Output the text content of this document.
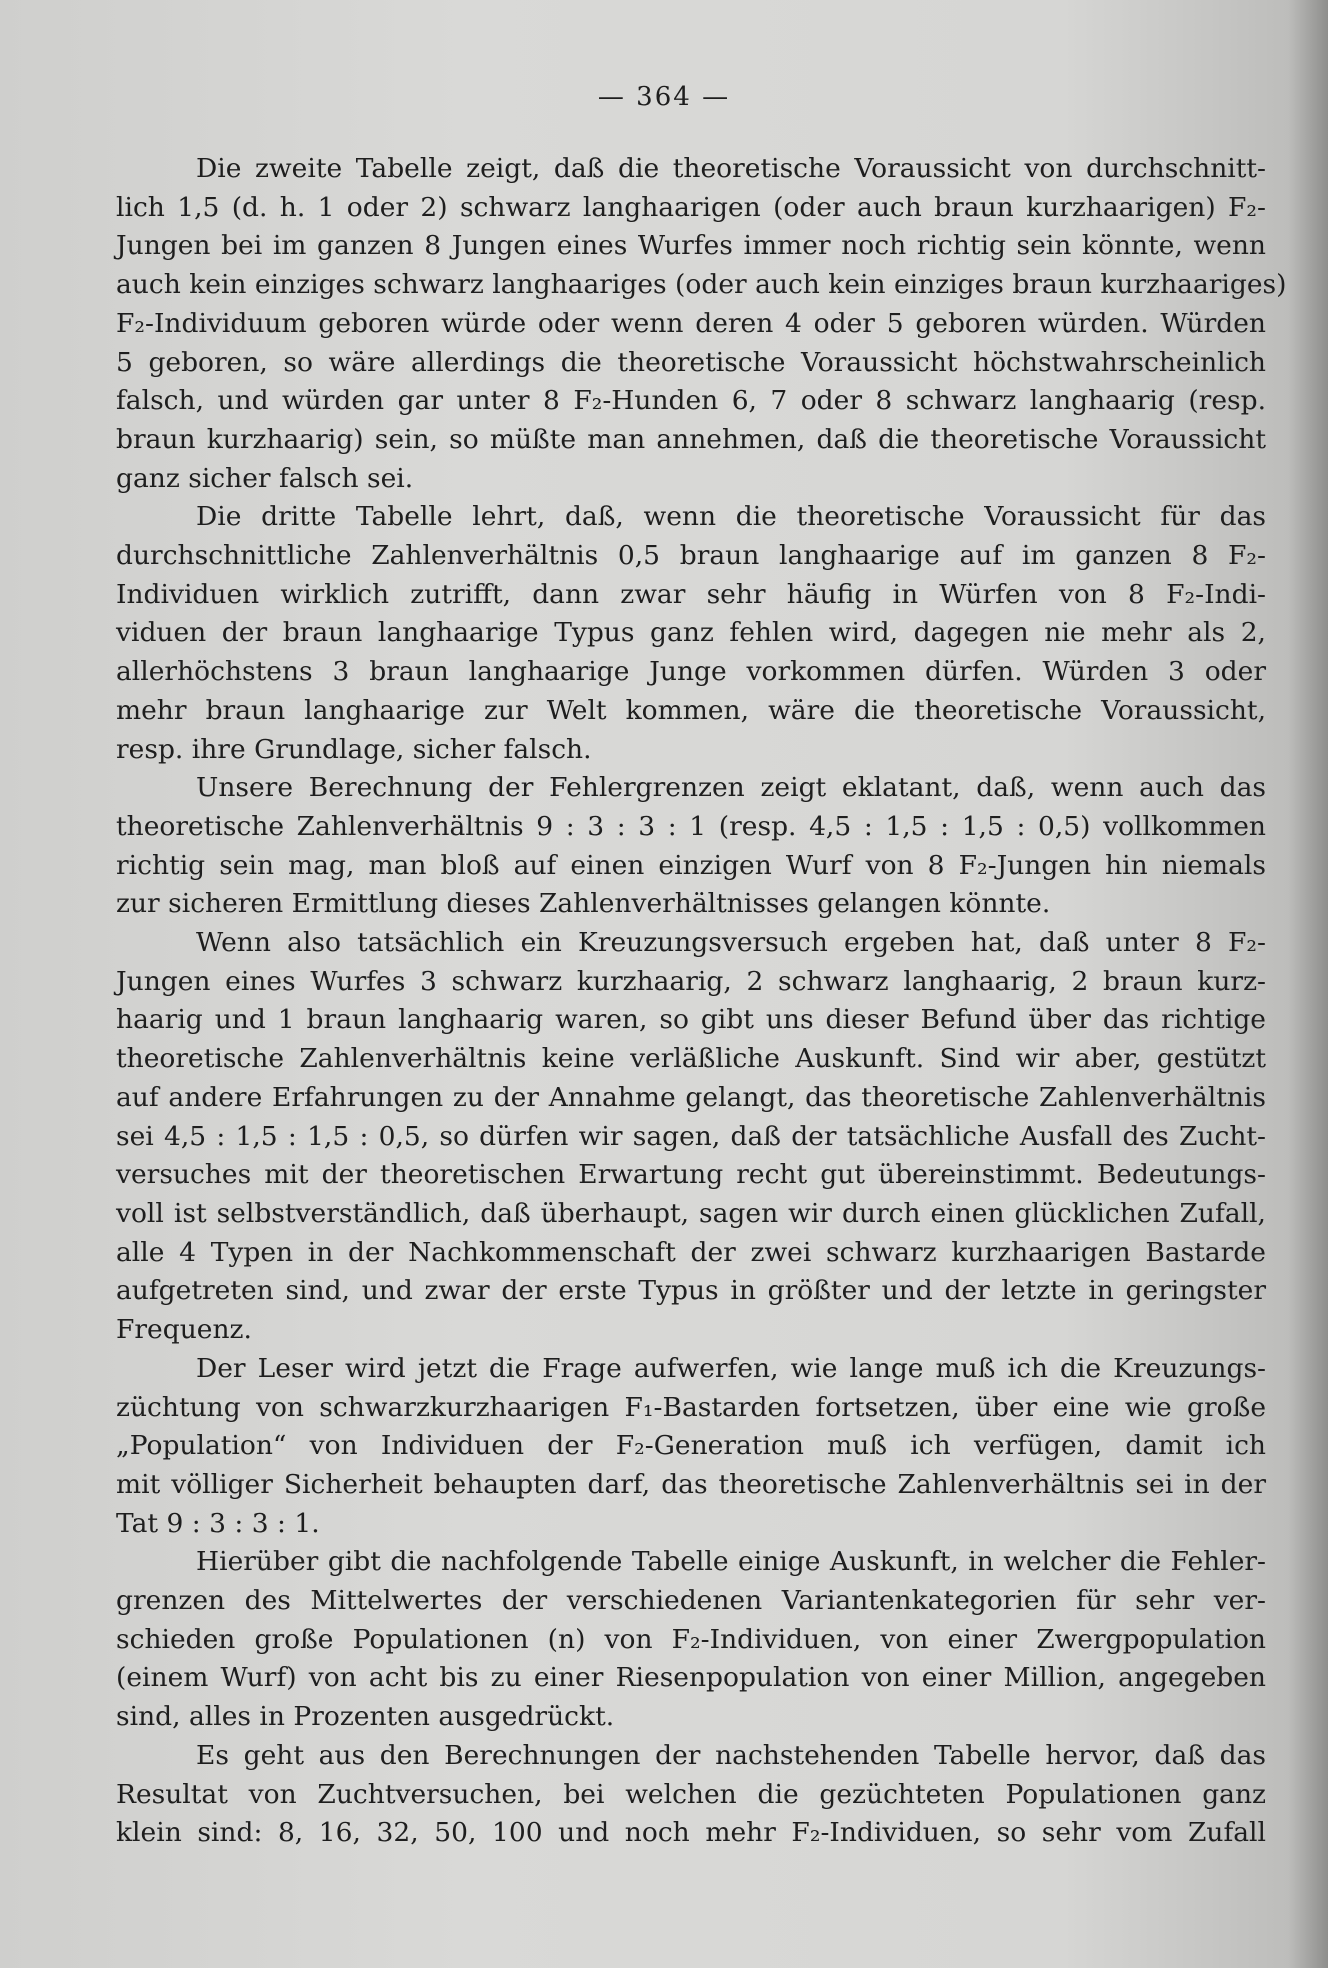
— 364 —
Die zweite Tabelle zeigt, daß die theoretische Voraussicht von durchschnitt-
lich 1,5 (d. h. 1 oder 2) schwarz langhaarigen (oder auch braun kurzhaarigen) F₂-
Jungen bei im ganzen 8 Jungen eines Wurfes immer noch richtig sein könnte, wenn
auch kein einziges schwarz langhaariges (oder auch kein einziges braun kurzhaariges)
F₂-Individuum geboren würde oder wenn deren 4 oder 5 geboren würden. Würden
5 geboren, so wäre allerdings die theoretische Voraussicht höchstwahrscheinlich
falsch, und würden gar unter 8 F₂-Hunden 6, 7 oder 8 schwarz langhaarig (resp.
braun kurzhaarig) sein, so müßte man annehmen, daß die theoretische Voraussicht
ganz sicher falsch sei.
Die dritte Tabelle lehrt, daß, wenn die theoretische Voraussicht für das
durchschnittliche Zahlenverhältnis 0,5 braun langhaarige auf im ganzen 8 F₂-
Individuen wirklich zutrifft, dann zwar sehr häufig in Würfen von 8 F₂-Indi-
viduen der braun langhaarige Typus ganz fehlen wird, dagegen nie mehr als 2,
allerhöchstens 3 braun langhaarige Junge vorkommen dürfen. Würden 3 oder
mehr braun langhaarige zur Welt kommen, wäre die theoretische Voraussicht,
resp. ihre Grundlage, sicher falsch.
Unsere Berechnung der Fehlergrenzen zeigt eklatant, daß, wenn auch das
theoretische Zahlenverhältnis 9 : 3 : 3 : 1 (resp. 4,5 : 1,5 : 1,5 : 0,5) vollkommen
richtig sein mag, man bloß auf einen einzigen Wurf von 8 F₂-Jungen hin niemals
zur sicheren Ermittlung dieses Zahlenverhältnisses gelangen könnte.
Wenn also tatsächlich ein Kreuzungsversuch ergeben hat, daß unter 8 F₂-
Jungen eines Wurfes 3 schwarz kurzhaarig, 2 schwarz langhaarig, 2 braun kurz-
haarig und 1 braun langhaarig waren, so gibt uns dieser Befund über das richtige
theoretische Zahlenverhältnis keine verläßliche Auskunft. Sind wir aber, gestützt
auf andere Erfahrungen zu der Annahme gelangt, das theoretische Zahlenverhältnis
sei 4,5 : 1,5 : 1,5 : 0,5, so dürfen wir sagen, daß der tatsächliche Ausfall des Zucht-
versuches mit der theoretischen Erwartung recht gut übereinstimmt. Bedeutungs-
voll ist selbstverständlich, daß überhaupt, sagen wir durch einen glücklichen Zufall,
alle 4 Typen in der Nachkommenschaft der zwei schwarz kurzhaarigen Bastarde
aufgetreten sind, und zwar der erste Typus in größter und der letzte in geringster
Frequenz.
Der Leser wird jetzt die Frage aufwerfen, wie lange muß ich die Kreuzungs-
züchtung von schwarzkurzhaarigen F₁-Bastarden fortsetzen, über eine wie große
„Population“ von Individuen der F₂-Generation muß ich verfügen, damit ich
mit völliger Sicherheit behaupten darf, das theoretische Zahlenverhältnis sei in der
Tat 9 : 3 : 3 : 1.
Hierüber gibt die nachfolgende Tabelle einige Auskunft, in welcher die Fehler-
grenzen des Mittelwertes der verschiedenen Variantenkategorien für sehr ver-
schieden große Populationen (n) von F₂-Individuen, von einer Zwergpopulation
(einem Wurf) von acht bis zu einer Riesenpopulation von einer Million, angegeben
sind, alles in Prozenten ausgedrückt.
Es geht aus den Berechnungen der nachstehenden Tabelle hervor, daß das
Resultat von Zuchtversuchen, bei welchen die gezüchteten Populationen ganz
klein sind: 8, 16, 32, 50, 100 und noch mehr F₂-Individuen, so sehr vom Zufall
